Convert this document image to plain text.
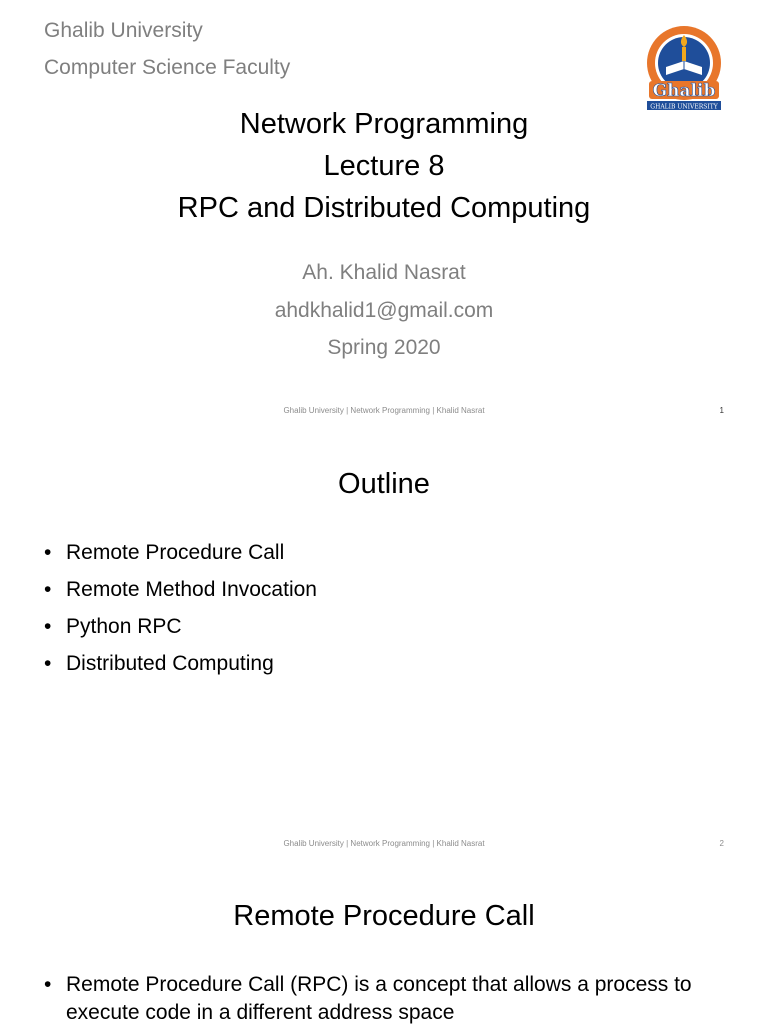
Ghalib University
Computer Science Faculty
Ghalib
GHALIB UNIVERSITY
Network Programming
Lecture 8
RPC and Distributed Computing
Ah. Khalid Nasrat
ahdkhalid1@gmail.com
Spring 2020
Ghalib University | Network Programming | Khalid Nasrat	1
Outline
• Remote Procedure Call
• Remote Method Invocation
• Python RPC
• Distributed Computing
Ghalib University | Network Programming | Khalid Nasrat	2
Remote Procedure Call
• Remote Procedure Call (RPC) is a concept that allows a process to execute code in a different address space
